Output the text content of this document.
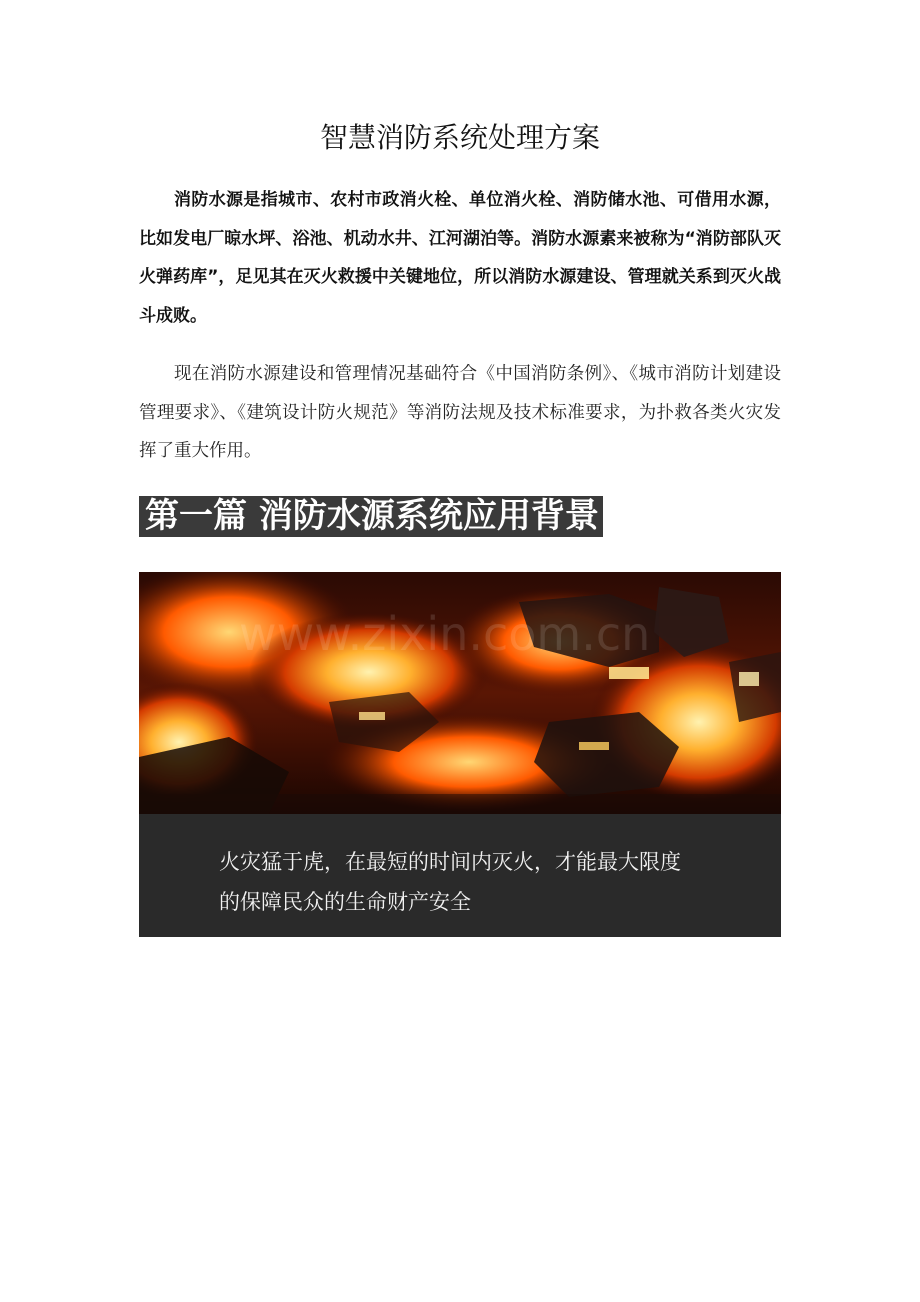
智慧消防系统处理方案

消防水源是指城市、农村市政消火栓、单位消火栓、消防储水池、可借用水源，比如发电厂晾水坪、浴池、机动水井、江河湖泊等。消防水源素来被称为“消防部队灭火弹药库”，足见其在灭火救援中关键地位，所以消防水源建设、管理就关系到灭火战斗成败。

现在消防水源建设和管理情况基础符合《中国消防条例》、《城市消防计划建设管理要求》、《建筑设计防火规范》等消防法规及技术标准要求，为扑救各类火灾发挥了重大作用。

第一篇 消防水源系统应用背景
www.zixin.com.cn

火灾猛于虎，在最短的时间内灭火，才能最大限度

的保障民众的生命财产安全
